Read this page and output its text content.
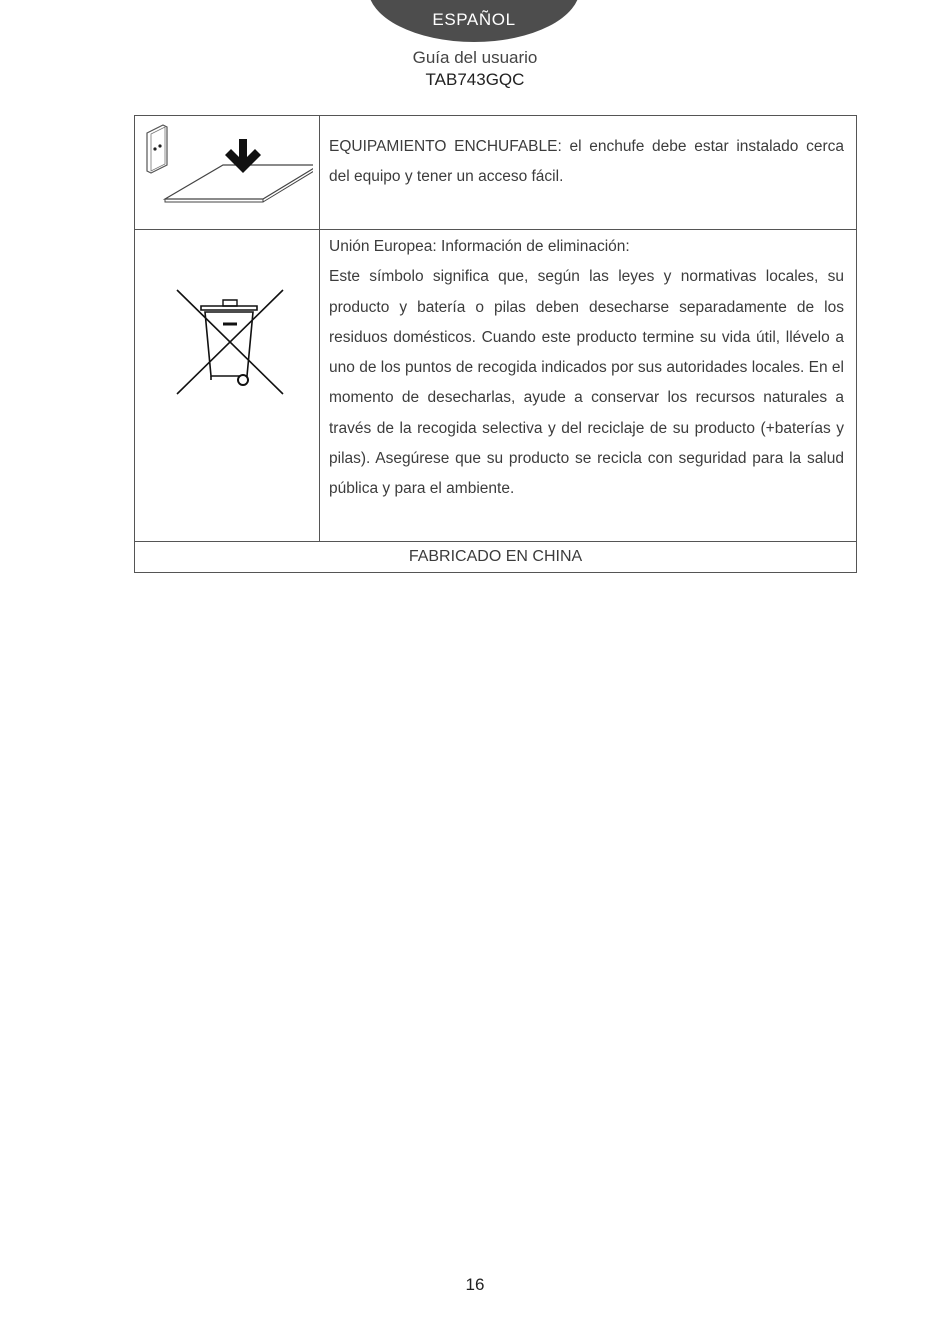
ESPAÑOL
Guía del usuario
TAB743GQC

EQUIPAMIENTO ENCHUFABLE: el enchufe debe estar instalado cerca del equipo y tener un acceso fácil.

Unión Europea: Información de eliminación:

Este símbolo significa que, según las leyes y normativas locales, su producto y batería o pilas deben desecharse separadamente de los residuos domésticos. Cuando este producto termine su vida útil, llévelo a uno de los puntos de recogida indicados por sus autoridades locales. En el momento de desecharlas, ayude a conservar los recursos naturales a través de la recogida selectiva y del reciclaje de su producto (+baterías y pilas). Asegúrese que su producto se recicla con seguridad para la salud pública y para el ambiente.

FABRICADO EN CHINA	
16
